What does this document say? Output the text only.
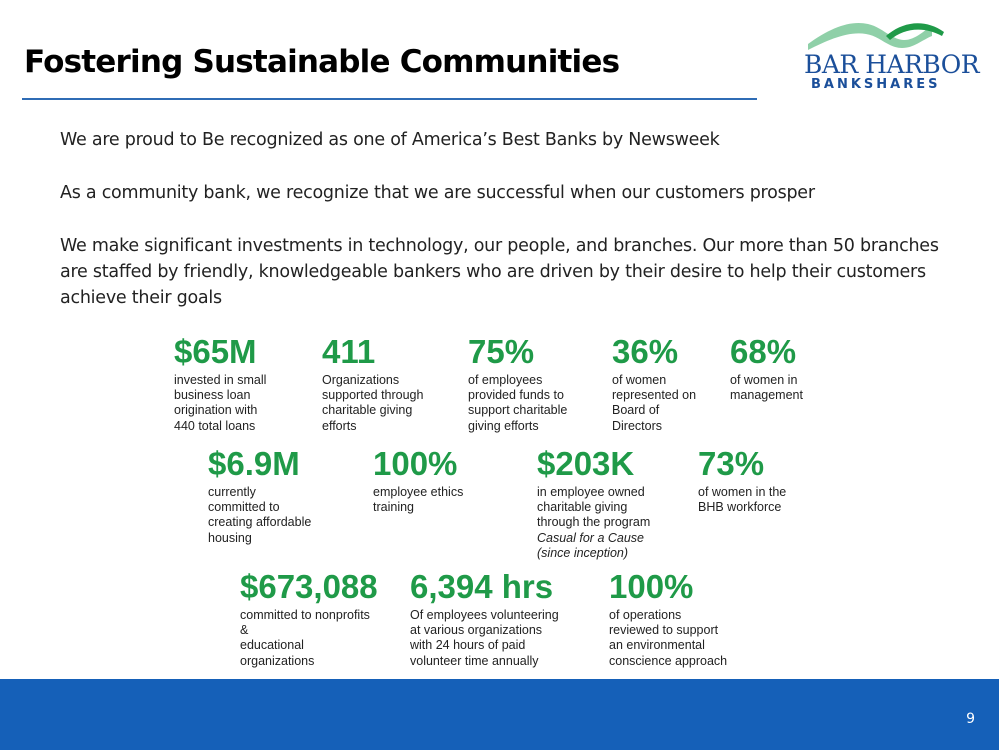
Fostering Sustainable Communities	BAR HARBOR
BANKSHARES

We are proud to Be recognized as one of America’s Best Banks by Newsweek

As a community bank, we recognize that we are successful when our customers prosper

We make significant investments in technology, our people, and branches. Our more than 50 branches are staffed by friendly, knowledgeable bankers who are driven by their desire to help their customers achieve their goals

$65M
invested in small
business loan
origination with
440 total loans
411
Organizations
supported through
charitable giving
efforts
75%
of employees
provided funds to
support charitable
giving efforts
36%
of women
represented on
Board of
Directors
68%
of women in
management
$6.9M
currently
committed to
creating affordable
housing
100%
employee ethics
training
$203K
in employee owned
charitable giving
through the program
Casual for a Cause
(since inception)
73%
of women in the
BHB workforce
$673,088
committed to nonprofits
&
educational
organizations
6,394 hrs
Of employees volunteering
at various organizations
with 24 hours of paid
volunteer time annually
100%
of operations
reviewed to support
an environmental
conscience approach
9
